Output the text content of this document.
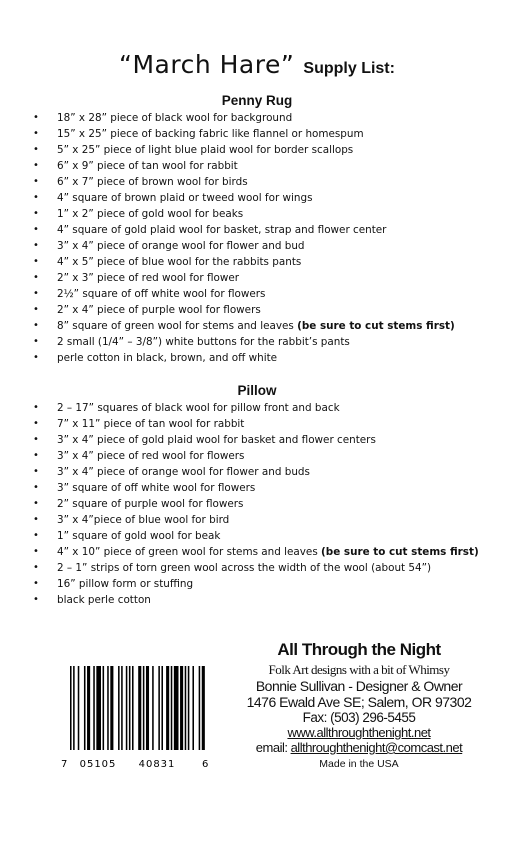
“March Hare” Supply List:
Penny Rug
• 18” x 28” piece of black wool for background
• 15” x 25” piece of backing fabric like flannel or homespum
• 5” x 25” piece of light blue plaid wool for border scallops
• 6” x 9” piece of tan wool for rabbit
• 6” x 7” piece of brown wool for birds
• 4” square of brown plaid or tweed wool for wings
• 1” x 2” piece of gold wool for beaks
• 4” square of gold plaid wool for basket, strap and flower center
• 3” x 4” piece of orange wool for flower and bud
• 4” x 5” piece of blue wool for the rabbits pants
• 2” x 3” piece of red wool for flower
• 2½” square of off white wool for flowers
• 2” x 4” piece of purple wool for flowers
• 8” square of green wool for stems and leaves (be sure to cut stems first)
• 2 small (1/4” – 3/8”) white buttons for the rabbit’s pants
• perle cotton in black, brown, and off white
Pillow
• 2 – 17” squares of black wool for pillow front and back
• 7” x 11” piece of tan wool for rabbit
• 3” x 4” piece of gold plaid wool for basket and flower centers
• 3” x 4” piece of red wool for flowers
• 3” x 4” piece of orange wool for flower and buds
• 3” square of off white wool for flowers
• 2” square of purple wool for flowers
• 3” x 4”piece of blue wool for bird
• 1” square of gold wool for beak
• 4” x 10” piece of green wool for stems and leaves (be sure to cut stems first)
• 2 – 1” strips of torn green wool across the width of the wool (about 54”)
• 16” pillow form or stuffing
• black perle cotton
7 05105 40831	6
All Through the Night
Folk Art designs with a bit of Whimsy
Bonnie Sullivan - Designer & Owner
1476 Ewald Ave SE; Salem, OR 97302
Fax: (503) 296-5455
www.allthroughthenight.net
email: allthroughthenight@comcast.net
Made in the USA
